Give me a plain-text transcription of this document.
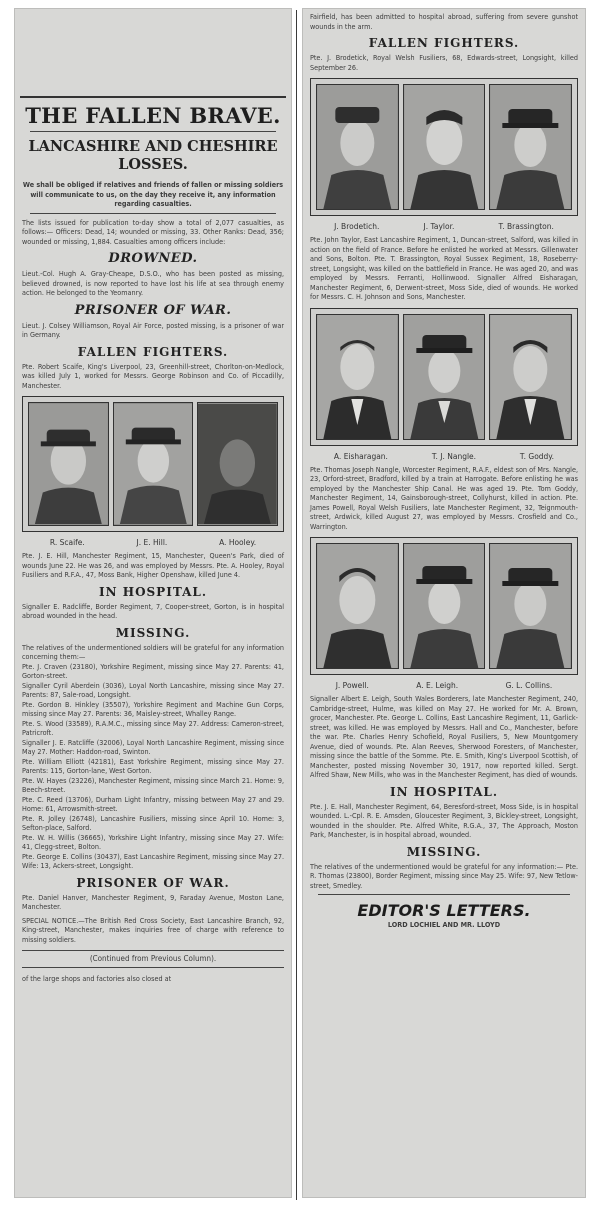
THE FALLEN BRAVE.
LANCASHIRE AND CHESHIRE LOSSES.
We shall be obliged if relatives and friends of fallen or missing soldiers will communicate to us, on the day they receive it, any information regarding casualties.
The lists issued for publication to-day show a total of 2,077 casualties, as follows:— Officers: Dead, 14; wounded or missing, 33. Other Ranks: Dead, 356; wounded or missing, 1,884. Casualties among officers include:
DROWNED.
Lieut.-Col. Hugh A. Gray-Cheape, D.S.O., who has been posted as missing, believed drowned, is now reported to have lost his life at sea through enemy action. He belonged to the Yeomanry.
PRISONER OF WAR.
Lieut. J. Colsey Williamson, Royal Air Force, posted missing, is a prisoner of war in Germany.
FALLEN FIGHTERS.
Pte. Robert Scaife, King's Liverpool, 23, Greenhill-street, Chorlton-on-Medlock, was killed July 1, worked for Messrs. George Robinson and Co. of Piccadilly, Manchester.
R. Scaife.	J. E. Hill.	A. Hooley.
Pte. J. E. Hill, Manchester Regiment, 15, Manchester, Queen's Park, died of wounds June 22. He was 26, and was employed by Messrs. Pte. A. Hooley, Royal Fusiliers and R.F.A., 47, Moss Bank, Higher Openshaw, killed June 4.
IN HOSPITAL.
Signaller E. Radcliffe, Border Regiment, 7, Cooper-street, Gorton, is in hospital abroad wounded in the head.
MISSING.
The relatives of the undermentioned soldiers will be grateful for any information concerning them:—
Pte. J. Craven (23180), Yorkshire Regiment, missing since May 27. Parents: 41, Gorton-street.
Signaller Cyril Aberdein (3036), Loyal North Lancashire, missing since May 27. Parents: 87, Sale-road, Longsight.
Pte. Gordon B. Hinkley (35507), Yorkshire Regiment and Machine Gun Corps, missing since May 27. Parents: 36, Maisley-street, Whalley Range.
Pte. S. Wood (33589), R.A.M.C., missing since May 27. Address: Cameron-street, Patricroft.
Signaller J. E. Ratcliffe (32006), Loyal North Lancashire Regiment, missing since May 27. Mother: Haddon-road, Swinton.
Pte. William Elliott (42181), East Yorkshire Regiment, missing since May 27. Parents: 115, Gorton-lane, West Gorton.
Pte. W. Hayes (23226), Manchester Regiment, missing since March 21. Home: 9, Beech-street.
Pte. C. Reed (13706), Durham Light Infantry, missing between May 27 and 29. Home: 61, Arrowsmith-street.
Pte. R. Jolley (26748), Lancashire Fusiliers, missing since April 10. Home: 3, Sefton-place, Salford.
Pte. W. H. Willis (36665), Yorkshire Light Infantry, missing since May 27. Wife: 41, Clegg-street, Bolton.
Pte. George E. Collins (30437), East Lancashire Regiment, missing since May 27. Wife: 13, Ackers-street, Longsight.
PRISONER OF WAR.
Pte. Daniel Hanver, Manchester Regiment, 9, Faraday Avenue, Moston Lane, Manchester.
SPECIAL NOTICE.—The British Red Cross Society, East Lancashire Branch, 92, King-street, Manchester, makes inquiries free of charge with reference to missing soldiers.
(Continued from Previous Column).
of the large shops and factories also closed at
Fairfield, has been admitted to hospital abroad, suffering from severe gunshot wounds in the arm.
FALLEN FIGHTERS.
Pte. J. Brodetick, Royal Welsh Fusiliers, 68, Edwards-street, Longsight, killed September 26.
J. Brodetich.	J. Taylor.	T. Brassington.
Pte. John Taylor, East Lancashire Regiment, 1, Duncan-street, Salford, was killed in action on the field of France. Before he enlisted he worked at Messrs. Gillenwater and Sons, Bolton. Pte. T. Brassington, Royal Sussex Regiment, 18, Roseberry-street, Longsight, was killed on the battlefield in France. He was aged 20, and was employed by Messrs. Ferranti, Hollinwood. Signaller Alfred Eisharagan, Manchester Regiment, 6, Derwent-street, Moss Side, died of wounds. He worked for Messrs. C. H. Johnson and Sons, Manchester.
A. Eisharagan.	T. J. Nangle.	T. Goddy.
Pte. Thomas Joseph Nangle, Worcester Regiment, R.A.F., eldest son of Mrs. Nangle, 23, Orford-street, Bradford, killed by a train at Harrogate. Before enlisting he was employed by the Manchester Ship Canal. He was aged 19. Pte. Tom Goddy, Manchester Regiment, 14, Gainsborough-street, Collyhurst, killed in action. Pte. James Powell, Royal Welsh Fusiliers, late Manchester Regiment, 32, Teignmouth-street, Ardwick, killed August 27, was employed by Messrs. Crosfield and Co., Warrington.
J. Powell.	A. E. Leigh.	G. L. Collins.
Signaller Albert E. Leigh, South Wales Borderers, late Manchester Regiment, 240, Cambridge-street, Hulme, was killed on May 27. He worked for Mr. A. Brown, grocer, Manchester. Pte. George L. Collins, East Lancashire Regiment, 11, Garlick-street, was killed. He was employed by Messrs. Hall and Co., Manchester, before the war. Pte. Charles Henry Schofield, Royal Fusiliers, 5, New Mountgomery Avenue, died of wounds. Pte. Alan Reeves, Sherwood Foresters, of Manchester, missing since the battle of the Somme. Pte. E. Smith, King's Liverpool Scottish, of Manchester, posted missing November 30, 1917, now reported killed. Sergt. Alfred Shaw, New Mills, who was in the Manchester Regiment, has died of wounds.
IN HOSPITAL.
Pte. J. E. Hall, Manchester Regiment, 64, Beresford-street, Moss Side, is in hospital wounded. L.-Cpl. R. E. Amsden, Gloucester Regiment, 3, Bickley-street, Longsight, wounded in the shoulder. Pte. Alfred White, R.G.A., 37, The Approach, Moston Park, Manchester, is in hospital abroad, wounded.
MISSING.
The relatives of the undermentioned would be grateful for any information:— Pte. R. Thomas (23800), Border Regiment, missing since May 25. Wife: 97, New Tetlow-street, Smedley.
EDITOR'S LETTERS.
LORD LOCHIEL AND MR. LLOYD
